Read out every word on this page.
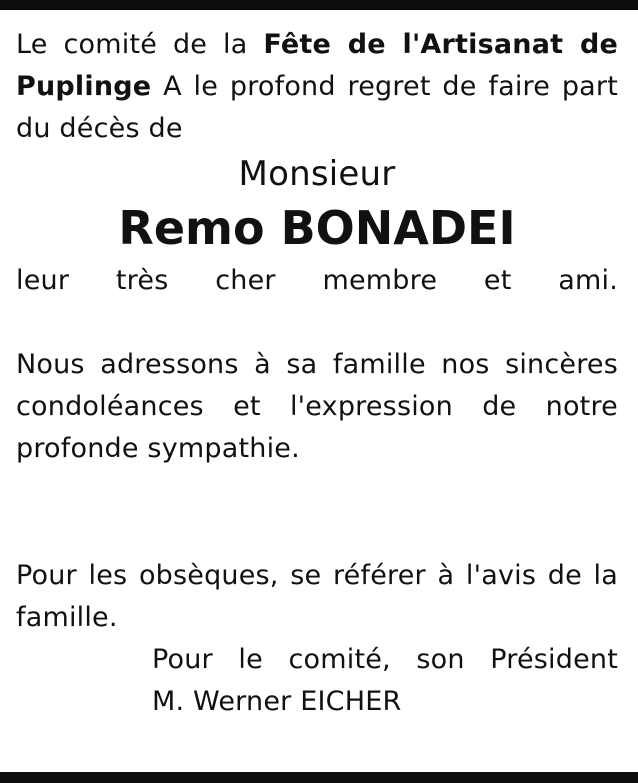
Le comité de la Fête de l'Artisanat de Puplinge A le profond regret de faire part du décès de

Monsieur

Remo BONADEI

leur très cher membre et ami.

Nous adressons à sa famille nos sincères condoléances et l'expression de notre profonde sympathie.

Pour les obsèques, se référer à l'avis de la famille.

Pour le comité, son Président
M. Werner EICHER
